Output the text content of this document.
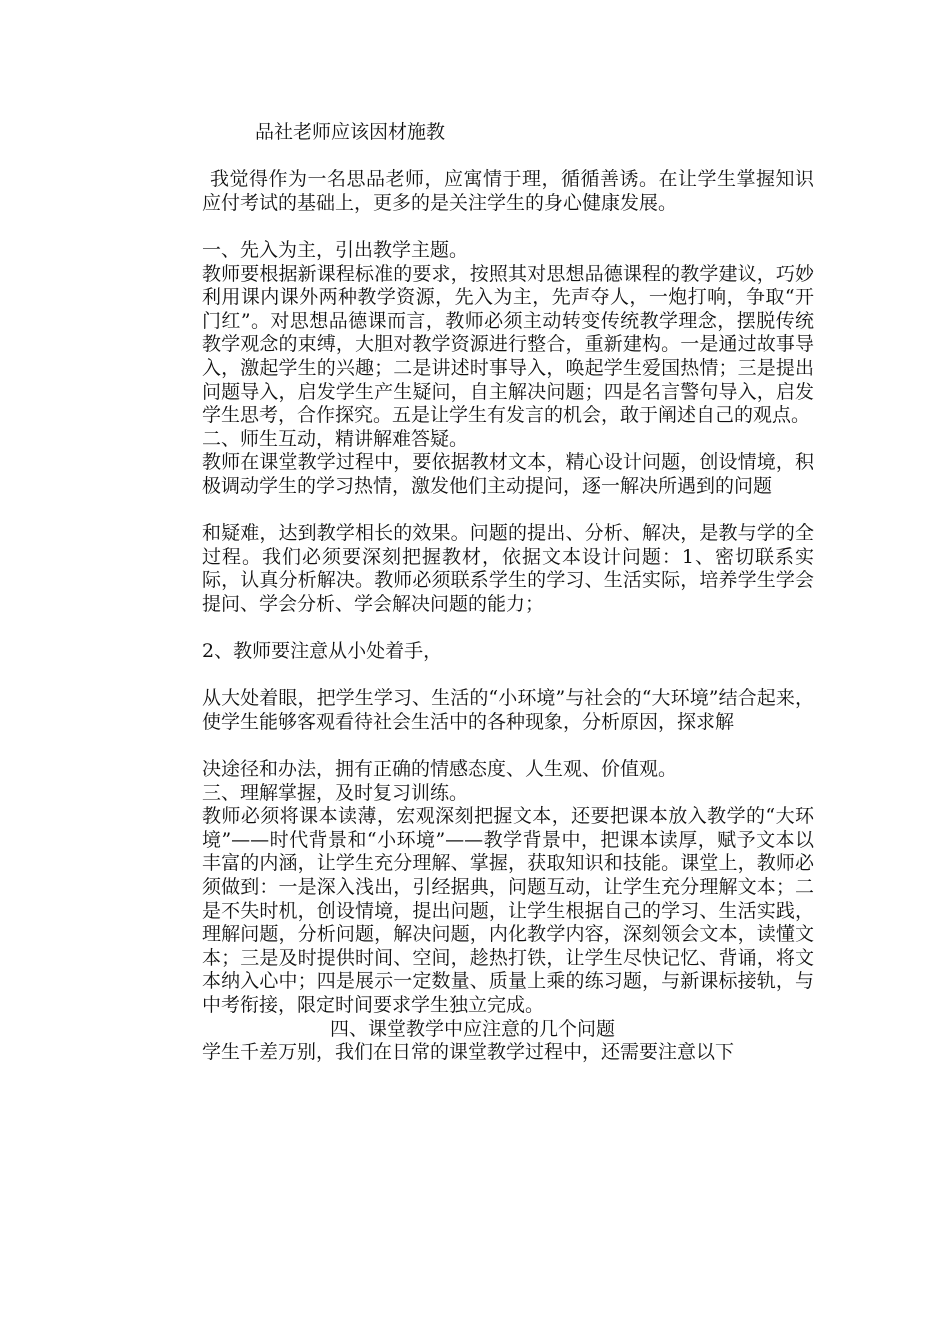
品社老师应该因材施教

我觉得作为一名思品老师，应寓情于理，循循善诱。在让学生掌握知识应付考试的基础上，更多的是关注学生的身心健康发展。

一、先入为主，引出教学主题。

教师要根据新课程标准的要求，按照其对思想品德课程的教学建议，巧妙利用课内课外两种教学资源，先入为主，先声夺人，一炮打响，争取“开门红”。对思想品德课而言，教师必须主动转变传统教学理念，摆脱传统教学观念的束缚，大胆对教学资源进行整合，重新建构。一是通过故事导入，激起学生的兴趣；二是讲述时事导入，唤起学生爱国热情；三是提出问题导入，启发学生产生疑问，自主解决问题；四是名言警句导入，启发学生思考，合作探究。五是让学生有发言的机会，敢于阐述自己的观点。

二、师生互动，精讲解难答疑。

教师在课堂教学过程中，要依据教材文本，精心设计问题，创设情境，积极调动学生的学习热情，激发他们主动提问，逐一解决所遇到的问题

和疑难，达到教学相长的效果。问题的提出、分析、解决，是教与学的全过程。我们必须要深刻把握教材，依据文本设计问题：1、密切联系实际，认真分析解决。教师必须联系学生的学习、生活实际，培养学生学会提问、学会分析、学会解决问题的能力；

2、教师要注意从小处着手，

从大处着眼，把学生学习、生活的“小环境”与社会的“大环境”结合起来，使学生能够客观看待社会生活中的各种现象，分析原因，探求解

决途径和办法，拥有正确的情感态度、人生观、价值观。

三、理解掌握，及时复习训练。

教师必须将课本读薄，宏观深刻把握文本，还要把课本放入教学的“大环境”——时代背景和“小环境”——教学背景中，把课本读厚，赋予文本以丰富的内涵，让学生充分理解、掌握，获取知识和技能。课堂上，教师必须做到：一是深入浅出，引经据典，问题互动，让学生充分理解文本；二是不失时机，创设情境，提出问题，让学生根据自己的学习、生活实践，理解问题，分析问题，解决问题，内化教学内容，深刻领会文本，读懂文本；三是及时提供时间、空间，趁热打铁，让学生尽快记忆、背诵，将文本纳入心中；四是展示一定数量、质量上乘的练习题，与新课标接轨，与中考衔接，限定时间要求学生独立完成。

四、课堂教学中应注意的几个问题

学生千差万别，我们在日常的课堂教学过程中，还需要注意以下
